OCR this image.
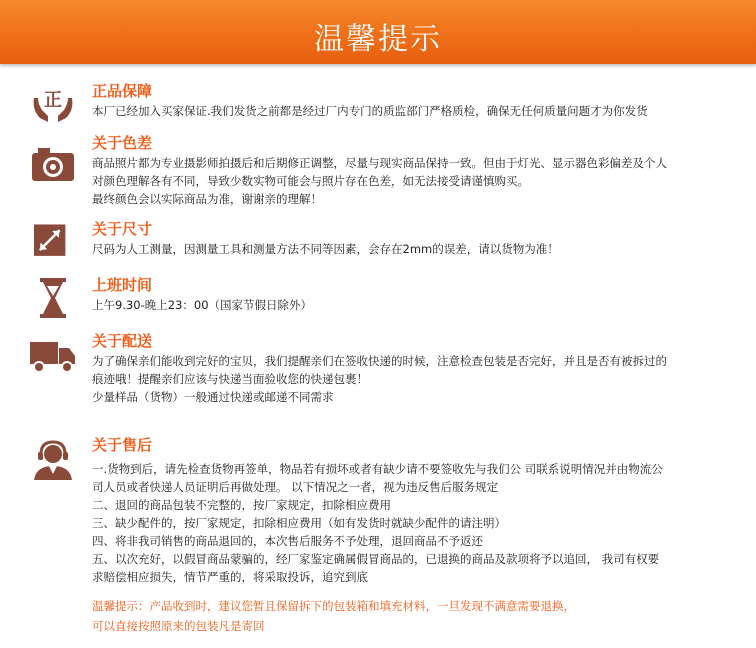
温馨提示
正 正品保障
本厂已经加入买家保证.我们发货之前都是经过厂内专门的质监部门严格质检，确保无任何质量问题才为你发货
关于色差
商品照片都为专业摄影师拍摄后和后期修正调整，尽量与现实商品保持一致。但由于灯光、显示器色彩偏差及个人
对颜色理解各有不同，导致少数实物可能会与照片存在色差，如无法接受请谨慎购买。
最终颜色会以实际商品为准，谢谢亲的理解！
关于尺寸
尺码为人工测量，因测量工具和测量方法不同等因素，会存在2mm的误差，请以货物为准！
上班时间
上午9.30-晚上23：00（国家节假日除外）
关于配送
为了确保亲们能收到完好的宝贝，我们提醒亲们在签收快递的时候，注意检查包装是否完好，并且是否有被拆过的
痕迹哦！提醒亲们应该与快递当面验收您的快递包裹！
少量样品（货物）一般通过快递或邮递不同需求
关于售后
一.货物到后，请先检查货物再签单，物品若有损坏或者有缺少请不要签收先与我们公 司联系说明情况并由物流公
司人员或者快递人员证明后再做处理。 以下情况之一者，视为违反售后服务规定
二、退回的商品包装不完整的，按厂家规定，扣除相应费用
三、缺少配件的，按厂家规定，扣除相应费用（如有发货时就缺少配件的请注明）
四、将非我司销售的商品退回的，本次售后服务不予处理，退回商品不予返还
五、以次充好，以假冒商品蒙骗的，经厂家鉴定确属假冒商品的，已退换的商品及款项将予以追回， 我司有权要
求赔偿相应损失，情节严重的，将采取投诉，追究到底
温馨提示：产品收到时，建议您暂且保留拆下的包装箱和填充材料，一旦发现不满意需要退换，
可以直接按照原来的包装凡是寄回
